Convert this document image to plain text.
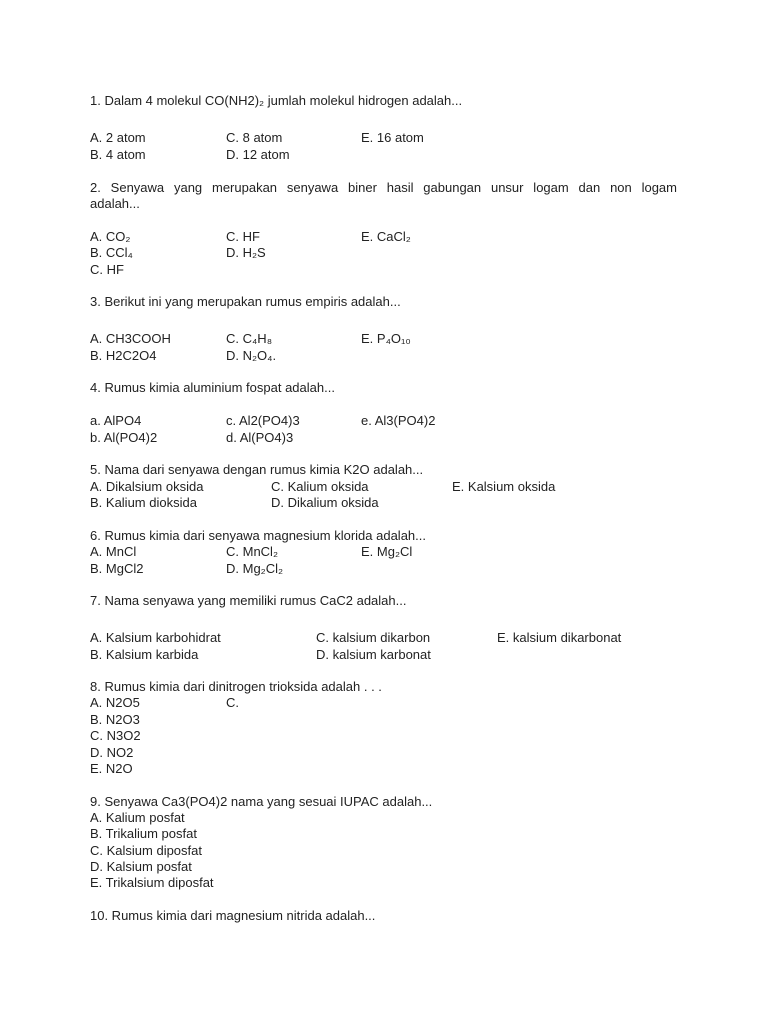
1. Dalam 4 molekul CO(NH2)₂ jumlah molekul hidrogen adalah...
A. 2 atom	C. 8 atom	E. 16 atom
B. 4 atom	D. 12 atom
2. Senyawa yang merupakan senyawa biner hasil gabungan unsur logam dan non logam
adalah...
A. CO₂	C. HF	E. CaCl₂
B. CCl₄	D. H₂S
C. HF
3. Berikut ini yang merupakan rumus empiris adalah...
A. CH3COOH	C. C₄H₈	E. P₄O₁₀
B. H2C2O4	D. N₂O₄.
4. Rumus kimia aluminium fospat adalah...
a. AlPO4	c. Al2(PO4)3	e. Al3(PO4)2
b. Al(PO4)2	d. Al(PO4)3
5. Nama dari senyawa dengan rumus kimia K2O adalah...
A. Dikalsium oksida	C. Kalium oksida	E. Kalsium oksida
B. Kalium dioksida	D. Dikalium oksida
6. Rumus kimia dari senyawa magnesium klorida adalah...
A. MnCl	C. MnCl₂	E. Mg₂Cl
B. MgCl2	D. Mg₂Cl₂
7. Nama senyawa yang memiliki rumus CaC2 adalah...
A. Kalsium karbohidrat	C. kalsium dikarbon	E. kalsium dikarbonat
B. Kalsium karbida	D. kalsium karbonat
8. Rumus kimia dari dinitrogen trioksida adalah . . .
A. N2O5	C.
B. N2O3
C. N3O2
D. NO2
E. N2O
9. Senyawa Ca3(PO4)2 nama yang sesuai IUPAC adalah...
A. Kalium posfat
B. Trikalium posfat
C. Kalsium diposfat
D. Kalsium posfat
E. Trikalsium diposfat
10. Rumus kimia dari magnesium nitrida adalah...
